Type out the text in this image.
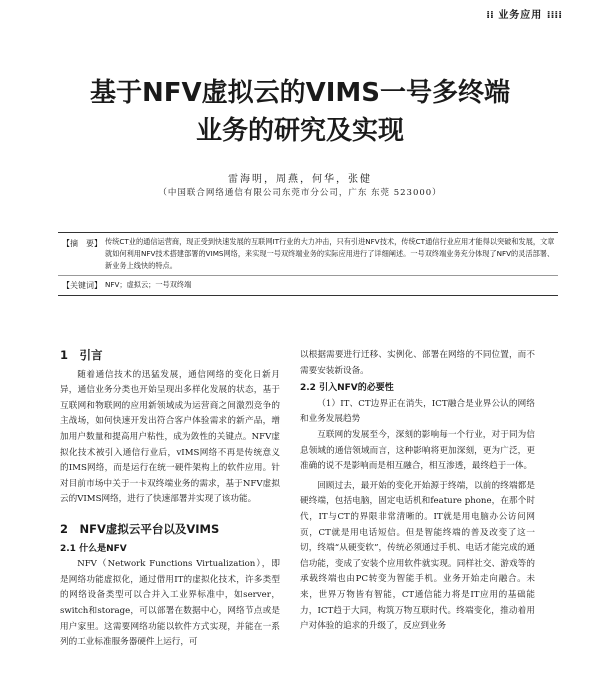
⁞⁞ 业务应用 ⁞⁞⁞⁞
基于NFV虚拟云的VIMS一号多终端
业务的研究及实现
雷海明，周燕，何华，张健
（中国联合网络通信有限公司东莞市分公司，广东 东莞 523000）
【摘　要】 传统CT业的通信运营商，现正受到快速发展的互联网IT行业的大力冲击，只有引进NFV技术，传统CT通信行业应用才能得以突破和发展，文章就如何利用NFV技术搭建部署的VIMS网络，来实现一号双终端业务的实际应用进行了详细阐述。一号双终端业务充分体现了NFV的灵活部署、新业务上线快的特点。
【关键词】 NFV；虚拟云；一号双终端
1　引言

随着通信技术的迅猛发展，通信网络的变化日新月异，通信业务分类也开始呈现出多样化发展的状态，基于互联网和物联网的应用新领域成为运营商之间激烈竞争的主战场，如何快速开发出符合客户体验需求的新产品，增加用户数量和提高用户粘性，成为敛性的关键点。NFV虚拟化技术被引入通信行业后，vIMS网络不再是传统意义的IMS网络，而是运行在统一硬件架构上的软件应用。针对目前市场中关于一卡双终端业务的需求，基于NFV虚拟云的VIMS网络，进行了快速部署并实现了该功能。

2　NFV虚拟云平台以及VIMS
2.1 什么是NFV

NFV（Network Functions Virtualization），即是网络功能虚拟化，通过借用IT的虚拟化技术，许多类型的网络设备类型可以合并入工业界标准中，如server，switch和storage，可以部署在数据中心，网络节点或是用户家里。这需要网络功能以软件方式实现，并能在一系列的工业标准服务器硬件上运行，可

以根据需要进行迁移、实例化、部署在网络的不同位置，而不需要安装新设备。

2.2 引入NFV的必要性
（1）IT、CT边界正在消失，ICT融合是业界公认的网络和业务发展趋势

互联网的发展至今，深刻的影响每一个行业，对于同为信息领域的通信领域而言，这种影响将更加深刻，更为广泛，更准确的说不是影响而是相互融合，相互渗透，最终趋于一体。

回顾过去，最开始的变化开始源于终端，以前的终端都是硬终端，包括电脑，固定电话机和feature phone，在那个时代，IT与CT的界限非常清晰的。IT就是用电脑办公访问网页，CT就是用电话短信。但是智能终端的普及改变了这一切，终端“从硬变软”，传统必须通过手机、电话才能完成的通信功能，变成了安装个应用软件就实现。同样社交、游戏等的承载终端也由PC转变为智能手机。业务开始走向融合。未来，世界万物皆有智能，CT通信能力将是IT应用的基础能力，ICT趋于大同，构筑万物互联时代。终端变化，推动着用户对体验的追求的升级了，反应到业务
